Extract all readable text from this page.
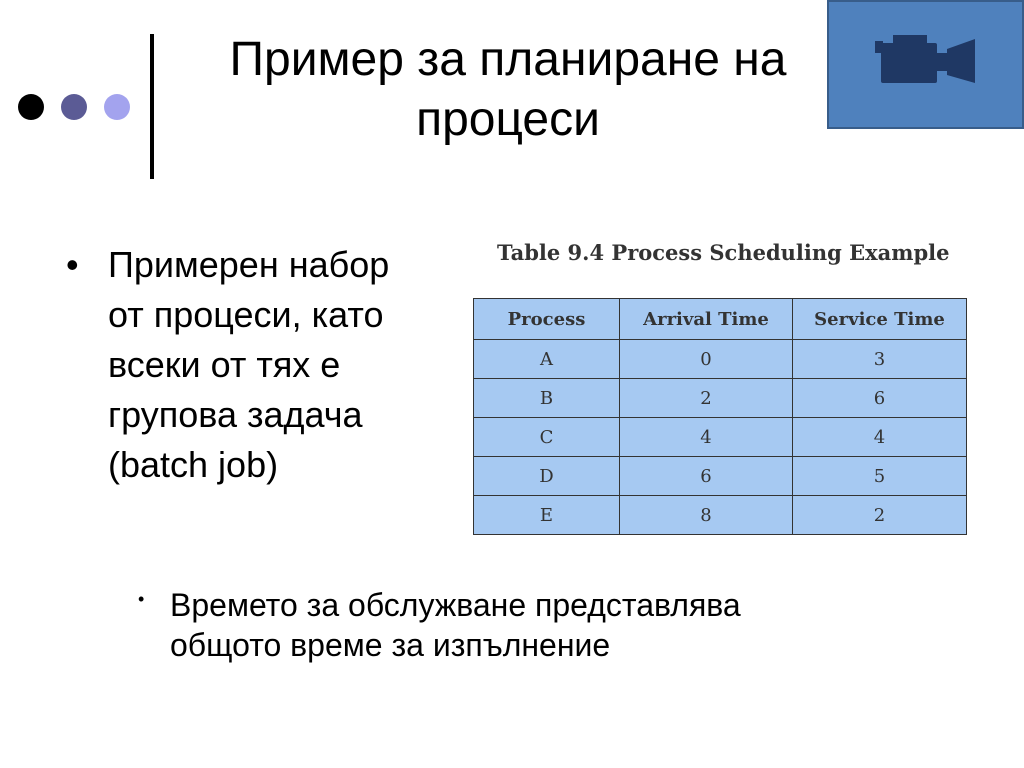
Пример за планиране на
процеси
• Примерен набор
от процеси, като
всеки от тях е
групова задача
(batch job)
Table 9.4 Process Scheduling Example
Process	Arrival Time	Service Time
A	0	3
B	2	6
C	4	4
D	6	5
E	8	2
• Времето за обслужване представлява
общото време за изпълнение
